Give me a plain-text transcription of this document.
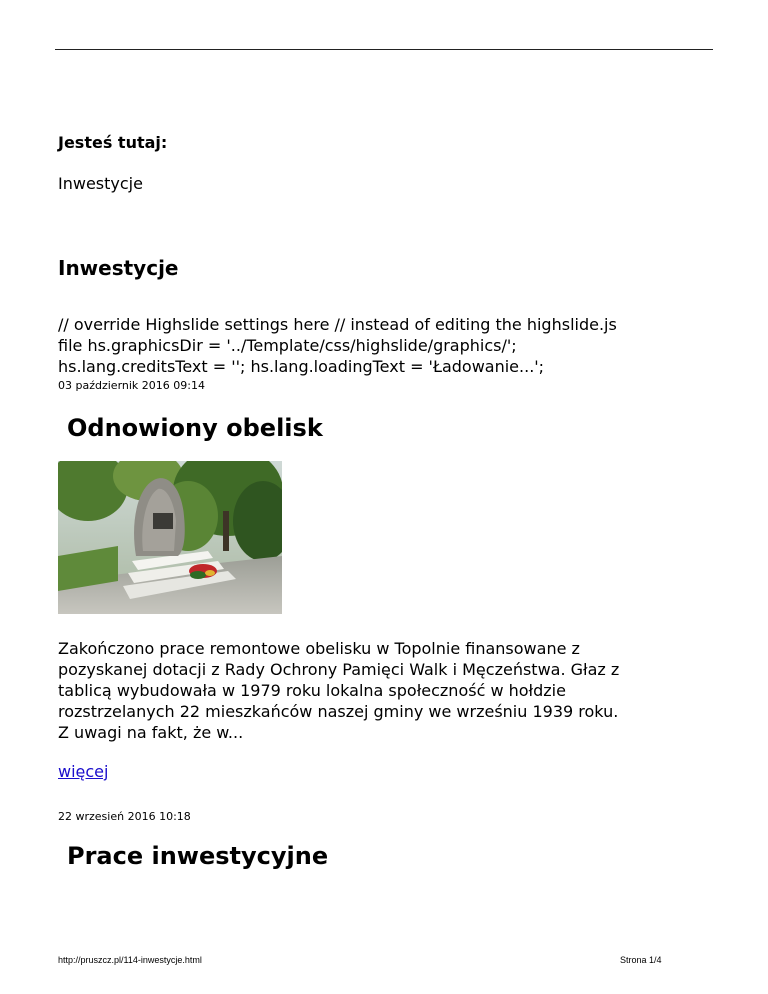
Jesteś tutaj:
Inwestycje
Inwestycje
// override Highslide settings here // instead of editing the highslide.js
file hs.graphicsDir = '../Template/css/highslide/graphics/';
hs.lang.creditsText = ''; hs.lang.loadingText = 'Ładowanie...';
03 październik 2016 09:14
Odnowiony obelisk
Zakończono prace remontowe obelisku w Topolnie finansowane z
pozyskanej dotacji z Rady Ochrony Pamięci Walk i Męczeństwa. Głaz z
tablicą wybudowała w 1979 roku lokalna społeczność w hołdzie
rozstrzelanych 22 mieszkańców naszej gminy we wrześniu 1939 roku.
Z uwagi na fakt, że w...
więcej
22 wrzesień 2016 10:18
Prace inwestycyjne
http://pruszcz.pl/114-inwestycje.html	Strona 1/4
